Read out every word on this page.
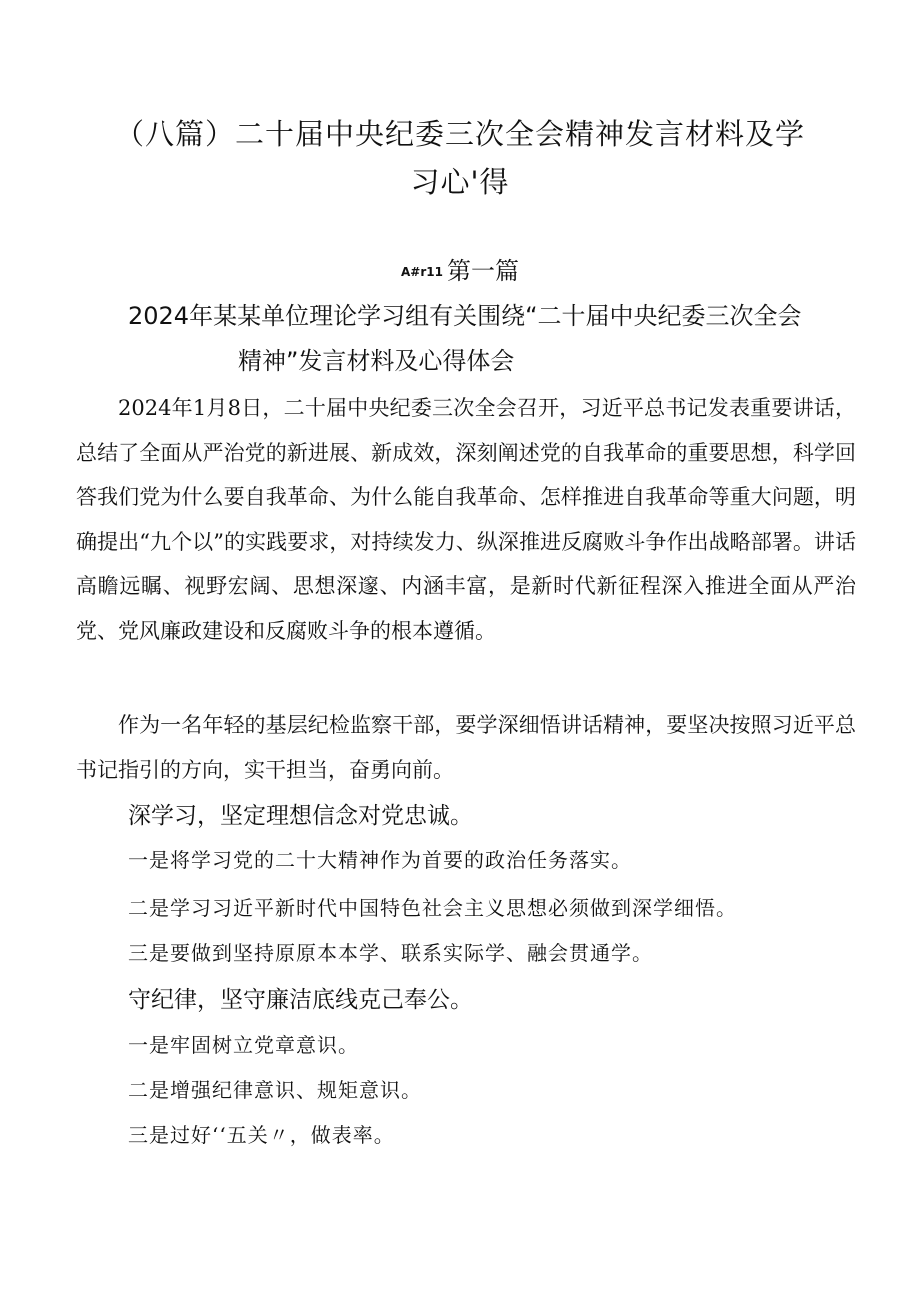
（八篇）二十届中央纪委三次全会精神发言材料及学
习心'得
A#r11 第一篇
2024年某某单位理论学习组有关围绕“二十届中央纪委三次全会
精神”发言材料及心得体会

2024年1月8日，二十届中央纪委三次全会召开，习近平总书记发表重要讲话，总结了全面从严治党的新进展、新成效，深刻阐述党的自我革命的重要思想，科学回答我们党为什么要自我革命、为什么能自我革命、怎样推进自我革命等重大问题，明确提出“九个以”的实践要求，对持续发力、纵深推进反腐败斗争作出战略部署。讲话高瞻远瞩、视野宏阔、思想深邃、内涵丰富，是新时代新征程深入推进全面从严治党、党风廉政建设和反腐败斗争的根本遵循。

作为一名年轻的基层纪检监察干部，要学深细悟讲话精神，要坚决按照习近平总书记指引的方向，实干担当，奋勇向前。

深学习，坚定理想信念对党忠诚。

一是将学习党的二十大精神作为首要的政治任务落实。

二是学习习近平新时代中国特色社会主义思想必须做到深学细悟。

三是要做到坚持原原本本学、联系实际学、融会贯通学。

守纪律，坚守廉洁底线克己奉公。

一是牢固树立党章意识。

二是增强纪律意识、规矩意识。

三是过好‘‘五关〃，做表率。
